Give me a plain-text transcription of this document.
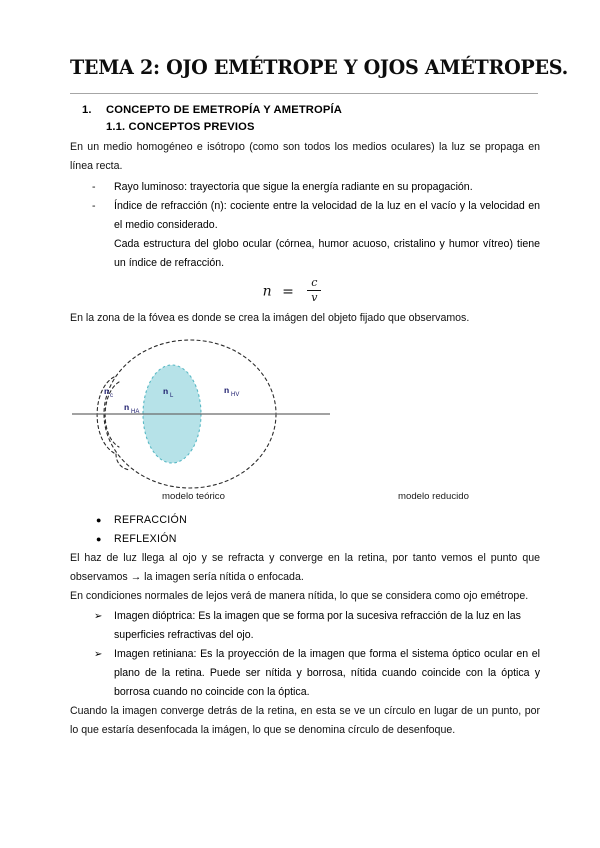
TEMA 2: OJO EMÉTROPE Y OJOS AMÉTROPES.
1. CONCEPTO DE EMETROPÍA Y AMETROPÍA
1.1. CONCEPTOS PREVIOS

En un medio homogéneo e isótropo (como son todos los medios oculares) la luz se propaga en línea recta.

- Rayo luminoso: trayectoria que sigue la energía radiante en su propagación.
- Índice de refracción (n): cociente entre la velocidad de la luz en el vacío y la velocidad en el medio considerado.
Cada estructura del globo ocular (córnea, humor acuoso, cristalino y humor vítreo) tiene un índice de refracción.
$n = \frac{c}{v}$

En la zona de la fóvea es donde se crea la imágen del objeto fijado que observamos.

n c
n HA
n L
n HV
modelo teórico	modelo reducido
● REFRACCIÓN
● REFLEXIÓN

El haz de luz llega al ojo y se refracta y converge en la retina, por tanto vemos el punto que observamos → la imagen sería nítida o enfocada.

En condiciones normales de lejos verá de manera nítida, lo que se considera como ojo emétrope.

➢ Imagen dióptrica: Es la imagen que se forma por la sucesiva refracción de la luz en las superficies refractivas del ojo.
➢ Imagen retiniana: Es la proyección de la imagen que forma el sistema óptico ocular en el plano de la retina. Puede ser nítida y borrosa, nítida cuando coincide con la óptica y borrosa cuando no coincide con la óptica.

Cuando la imagen converge detrás de la retina, en esta se ve un círculo en lugar de un punto, por lo que estaría desenfocada la imágen, lo que se denomina círculo de desenfoque.
